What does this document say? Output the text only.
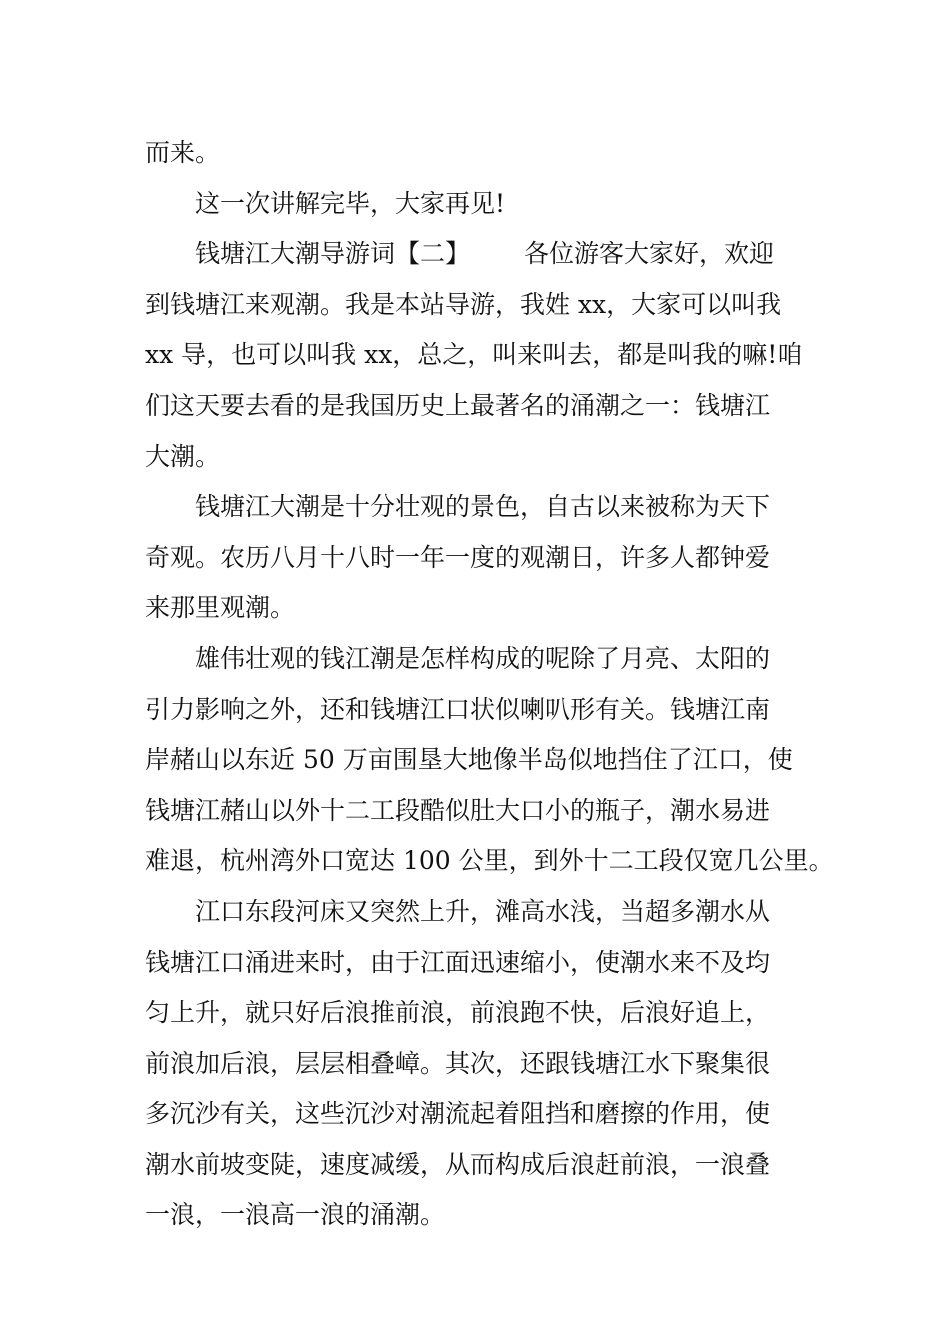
而来。
这一次讲解完毕，大家再见!
钱塘江大潮导游词【二】 各位游客大家好，欢迎
到钱塘江来观潮。我是本站导游，我姓 xx，大家可以叫我
xx 导，也可以叫我 xx，总之，叫来叫去，都是叫我的嘛!咱
们这天要去看的是我国历史上最著名的涌潮之一：钱塘江
大潮。
钱塘江大潮是十分壮观的景色，自古以来被称为天下
奇观。农历八月十八时一年一度的观潮日，许多人都钟爱
来那里观潮。
雄伟壮观的钱江潮是怎样构成的呢除了月亮、太阳的
引力影响之外，还和钱塘江口状似喇叭形有关。钱塘江南
岸赭山以东近 50 万亩围垦大地像半岛似地挡住了江口，使
钱塘江赭山以外十二工段酷似肚大口小的瓶子，潮水易进
难退，杭州湾外口宽达 100 公里，到外十二工段仅宽几公里。
江口东段河床又突然上升，滩高水浅，当超多潮水从
钱塘江口涌进来时，由于江面迅速缩小，使潮水来不及均
匀上升，就只好后浪推前浪，前浪跑不快，后浪好追上，
前浪加后浪，层层相叠嶂。其次，还跟钱塘江水下聚集很
多沉沙有关，这些沉沙对潮流起着阻挡和磨擦的作用，使
潮水前坡变陡，速度减缓，从而构成后浪赶前浪，一浪叠
一浪，一浪高一浪的涌潮。
